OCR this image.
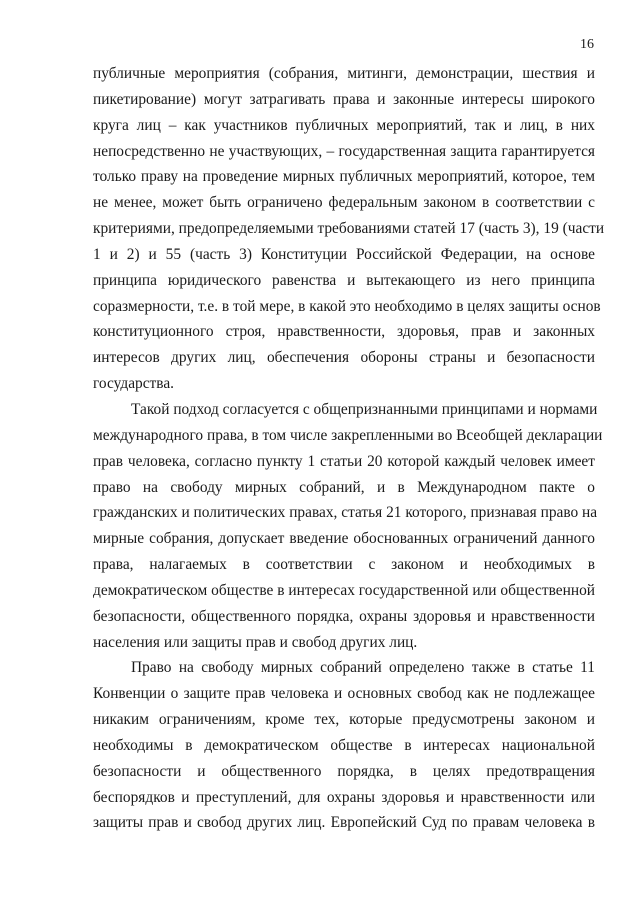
16
публичные мероприятия (собрания, митинги, демонстрации, шествия и
пикетирование) могут затрагивать права и законные интересы широкого
круга лиц – как участников публичных мероприятий, так и лиц, в них
непосредственно не участвующих, – государственная защита гарантируется
только праву на проведение мирных публичных мероприятий, которое, тем
не менее, может быть ограничено федеральным законом в соответствии с
критериями, предопределяемыми требованиями статей 17 (часть 3), 19 (части
1 и 2) и 55 (часть 3) Конституции Российской Федерации, на основе
принципа юридического равенства и вытекающего из него принципа
соразмерности, т.е. в той мере, в какой это необходимо в целях защиты основ
конституционного строя, нравственности, здоровья, прав и законных
интересов других лиц, обеспечения обороны страны и безопасности
государства.
Такой подход согласуется с общепризнанными принципами и нормами
международного права, в том числе закрепленными во Всеобщей декларации
прав человека, согласно пункту 1 статьи 20 которой каждый человек имеет
право на свободу мирных собраний, и в Международном пакте о
гражданских и политических правах, статья 21 которого, признавая право на
мирные собрания, допускает введение обоснованных ограничений данного
права, налагаемых в соответствии с законом и необходимых в
демократическом обществе в интересах государственной или общественной
безопасности, общественного порядка, охраны здоровья и нравственности
населения или защиты прав и свобод других лиц.
Право на свободу мирных собраний определено также в статье 11
Конвенции о защите прав человека и основных свобод как не подлежащее
никаким ограничениям, кроме тех, которые предусмотрены законом и
необходимы в демократическом обществе в интересах национальной
безопасности и общественного порядка, в целях предотвращения
беспорядков и преступлений, для охраны здоровья и нравственности или
защиты прав и свобод других лиц. Европейский Суд по правам человека в
